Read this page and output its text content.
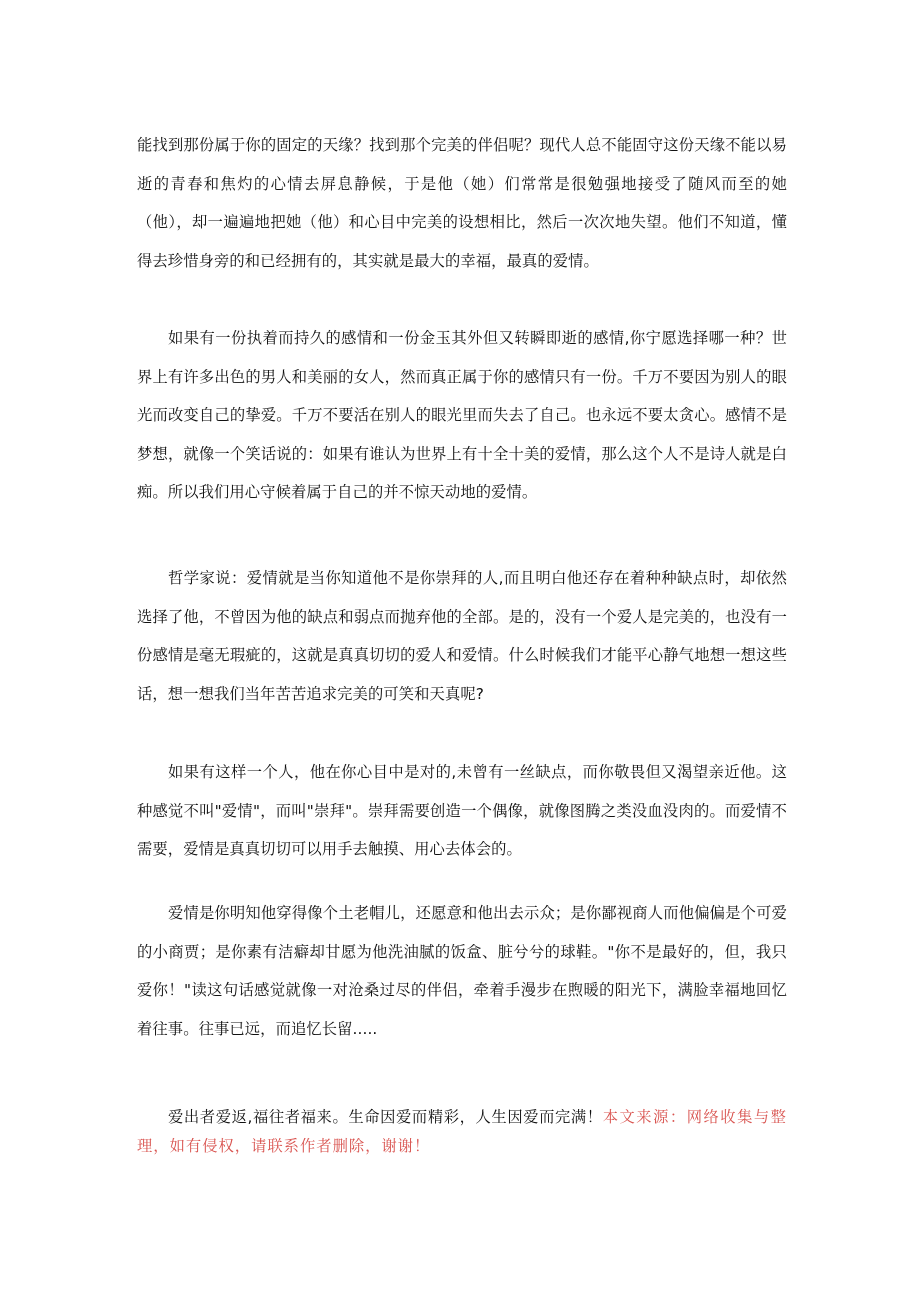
能找到那份属于你的固定的天缘？找到那个完美的伴侣呢？现代人总不能固守这份天缘不能以易逝的青春和焦灼的心情去屏息静候，于是他（她）们常常是很勉强地接受了随风而至的她（他），却一遍遍地把她（他）和心目中完美的设想相比，然后一次次地失望。他们不知道，懂得去珍惜身旁的和已经拥有的，其实就是最大的幸福，最真的爱情。

如果有一份执着而持久的感情和一份金玉其外但又转瞬即逝的感情,你宁愿选择哪一种？世界上有许多出色的男人和美丽的女人，然而真正属于你的感情只有一份。千万不要因为别人的眼光而改变自己的挚爱。千万不要活在别人的眼光里而失去了自己。也永远不要太贪心。感情不是梦想，就像一个笑话说的：如果有谁认为世界上有十全十美的爱情，那么这个人不是诗人就是白痴。所以我们用心守候着属于自己的并不惊天动地的爱情。

哲学家说：爱情就是当你知道他不是你崇拜的人,而且明白他还存在着种种缺点时，却依然选择了他，不曾因为他的缺点和弱点而抛弃他的全部。是的，没有一个爱人是完美的，也没有一份感情是毫无瑕疵的，这就是真真切切的爱人和爱情。什么时候我们才能平心静气地想一想这些话，想一想我们当年苦苦追求完美的可笑和天真呢?

如果有这样一个人，他在你心目中是对的,未曾有一丝缺点，而你敬畏但又渴望亲近他。这种感觉不叫"爱情"，而叫"崇拜"。崇拜需要创造一个偶像，就像图腾之类没血没肉的。而爱情不需要，爱情是真真切切可以用手去触摸、用心去体会的。

爱情是你明知他穿得像个土老帽儿，还愿意和他出去示众；是你鄙视商人而他偏偏是个可爱的小商贾；是你素有洁癖却甘愿为他洗油腻的饭盒、脏兮兮的球鞋。"你不是最好的，但，我只爱你！"读这句话感觉就像一对沧桑过尽的伴侣，牵着手漫步在煦暖的阳光下，满脸幸福地回忆着往事。往事已远，而追忆长留.....

爱出者爱返,福往者福来。生命因爱而精彩，人生因爱而完满！本文来源：网络收集与整理，如有侵权，请联系作者删除，谢谢！
